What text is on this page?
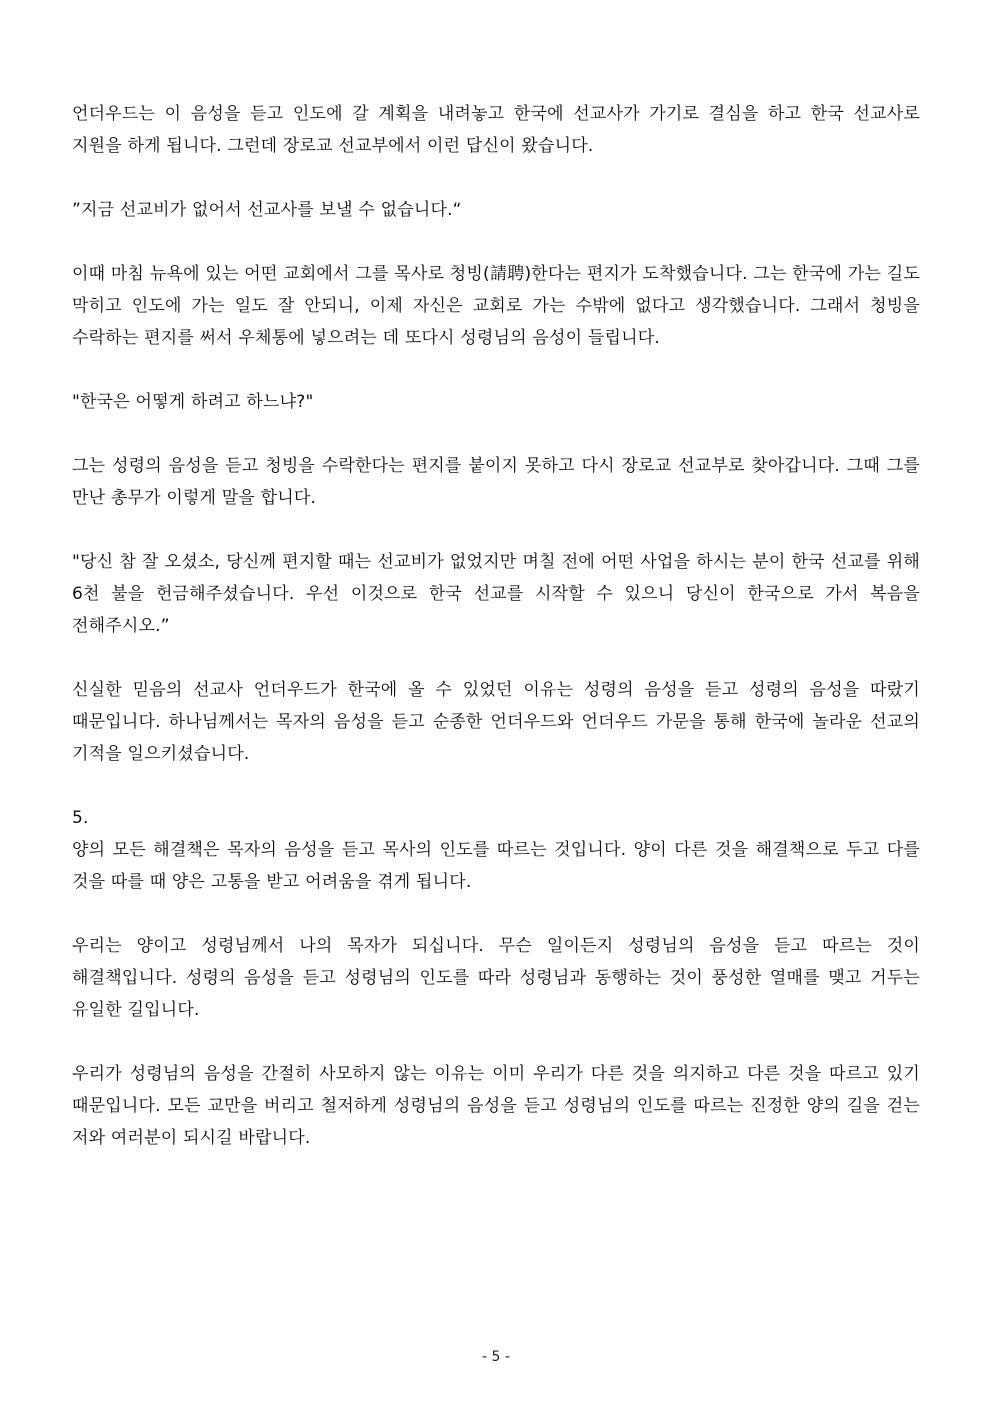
언더우드는 이 음성을 듣고 인도에 갈 계획을 내려놓고 한국에 선교사가 가기로 결심을 하고 한국 선교사로 지원을 하게 됩니다. 그런데 장로교 선교부에서 이런 답신이 왔습니다.

”지금 선교비가 없어서 선교사를 보낼 수 없습니다.“

이때 마침 뉴욕에 있는 어떤 교회에서 그를 목사로 청빙(請聘)한다는 편지가 도착했습니다. 그는 한국에 가는 길도 막히고 인도에 가는 일도 잘 안되니, 이제 자신은 교회로 가는 수밖에 없다고 생각했습니다. 그래서 청빙을 수락하는 편지를 써서 우체통에 넣으려는 데 또다시 성령님의 음성이 들립니다.

"한국은 어떻게 하려고 하느냐?"

그는 성령의 음성을 듣고 청빙을 수락한다는 편지를 붙이지 못하고 다시 장로교 선교부로 찾아갑니다. 그때 그를 만난 총무가 이렇게 말을 합니다.

"당신 참 잘 오셨소, 당신께 편지할 때는 선교비가 없었지만 며칠 전에 어떤 사업을 하시는 분이 한국 선교를 위해 6천 불을 헌금해주셨습니다. 우선 이것으로 한국 선교를 시작할 수 있으니 당신이 한국으로 가서 복음을 전해주시오.”

신실한 믿음의 선교사 언더우드가 한국에 올 수 있었던 이유는 성령의 음성을 듣고 성령의 음성을 따랐기 때문입니다. 하나님께서는 목자의 음성을 듣고 순종한 언더우드와 언더우드 가문을 통해 한국에 놀라운 선교의 기적을 일으키셨습니다.

5.

양의 모든 해결책은 목자의 음성을 듣고 목사의 인도를 따르는 것입니다. 양이 다른 것을 해결책으로 두고 다를 것을 따를 때 양은 고통을 받고 어려움을 겪게 됩니다.

우리는 양이고 성령님께서 나의 목자가 되십니다. 무슨 일이든지 성령님의 음성을 듣고 따르는 것이 해결책입니다. 성령의 음성을 듣고 성령님의 인도를 따라 성령님과 동행하는 것이 풍성한 열매를 맺고 거두는 유일한 길입니다.

우리가 성령님의 음성을 간절히 사모하지 않는 이유는 이미 우리가 다른 것을 의지하고 다른 것을 따르고 있기 때문입니다. 모든 교만을 버리고 철저하게 성령님의 음성을 듣고 성령님의 인도를 따르는 진정한 양의 길을 걷는 저와 여러분이 되시길 바랍니다.

- 5 -
